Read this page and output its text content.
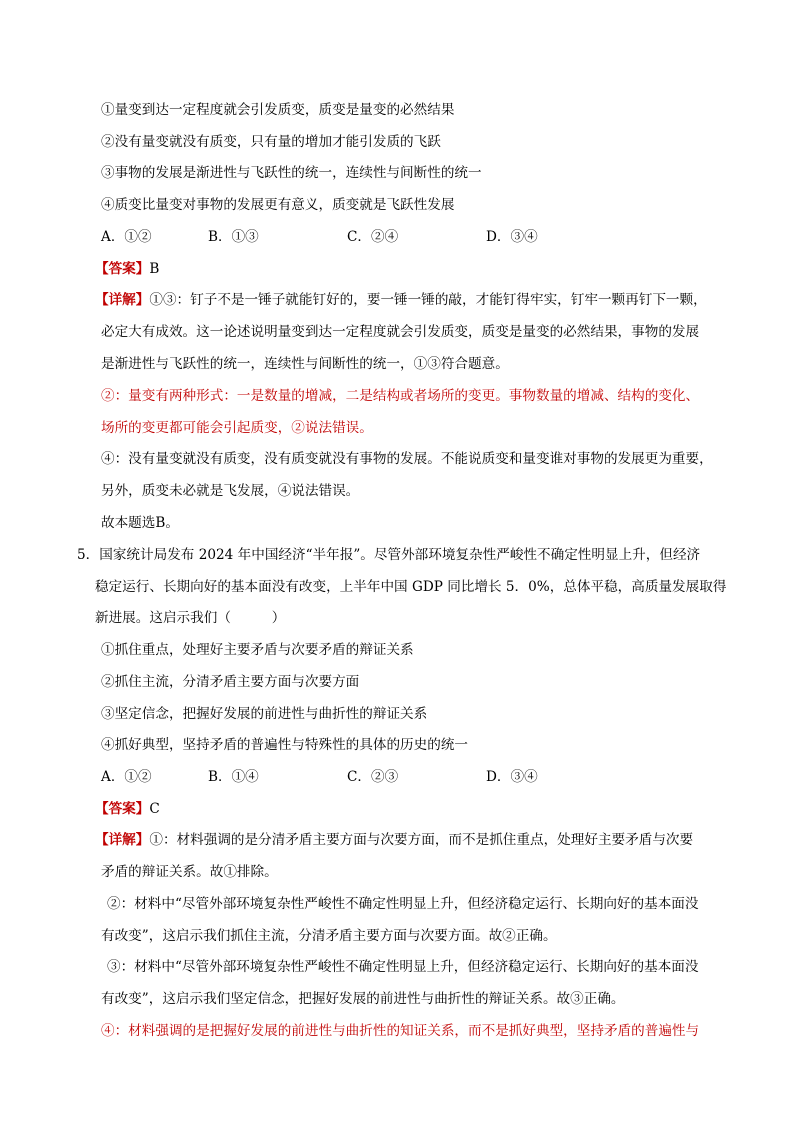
①量变到达一定程度就会引发质变，质变是量变的必然结果
②没有量变就没有质变，只有量的增加才能引发质的飞跃
③事物的发展是渐进性与飞跃性的统一，连续性与间断性的统一
④质变比量变对事物的发展更有意义，质变就是飞跃性发展
A．①②	B．①③	C．②④	D．③④
【答案】B
【详解】①③：钉子不是一锤子就能钉好的，要一锤一锤的敲，才能钉得牢实，钉牢一颗再钉下一颗，
必定大有成效。这一论述说明量变到达一定程度就会引发质变，质变是量变的必然结果，事物的发展
是渐进性与飞跃性的统一，连续性与间断性的统一，①③符合题意。
②：量变有两种形式：一是数量的增减，二是结构或者场所的变更。事物数量的增减、结构的变化、
场所的变更都可能会引起质变，②说法错误。
④：没有量变就没有质变，没有质变就没有事物的发展。不能说质变和量变谁对事物的发展更为重要，
另外，质变未必就是飞发展，④说法错误。
故本题选B。
5．国家统计局发布 2024 年中国经济“半年报”。尽管外部环境复杂性严峻性不确定性明显上升，但经济
稳定运行、长期向好的基本面没有改变，上半年中国 GDP 同比增长 5．0%，总体平稳，高质量发展取得
新进展。这启示我们（　　　）
①抓住重点，处理好主要矛盾与次要矛盾的辩证关系
②抓住主流，分清矛盾主要方面与次要方面
③坚定信念，把握好发展的前进性与曲折性的辩证关系
④抓好典型，坚持矛盾的普遍性与特殊性的具体的历史的统一
A．①②	B．①④	C．②③	D．③④
【答案】C
【详解】①：材料强调的是分清矛盾主要方面与次要方面，而不是抓住重点，处理好主要矛盾与次要
矛盾的辩证关系。故①排除。
②：材料中“尽管外部环境复杂性严峻性不确定性明显上升，但经济稳定运行、长期向好的基本面没
有改变”，这启示我们抓住主流，分清矛盾主要方面与次要方面。故②正确。
③：材料中“尽管外部环境复杂性严峻性不确定性明显上升，但经济稳定运行、长期向好的基本面没
有改变”，这启示我们坚定信念，把握好发展的前进性与曲折性的辩证关系。故③正确。
④：材料强调的是把握好发展的前进性与曲折性的知证关系，而不是抓好典型，坚持矛盾的普遍性与
